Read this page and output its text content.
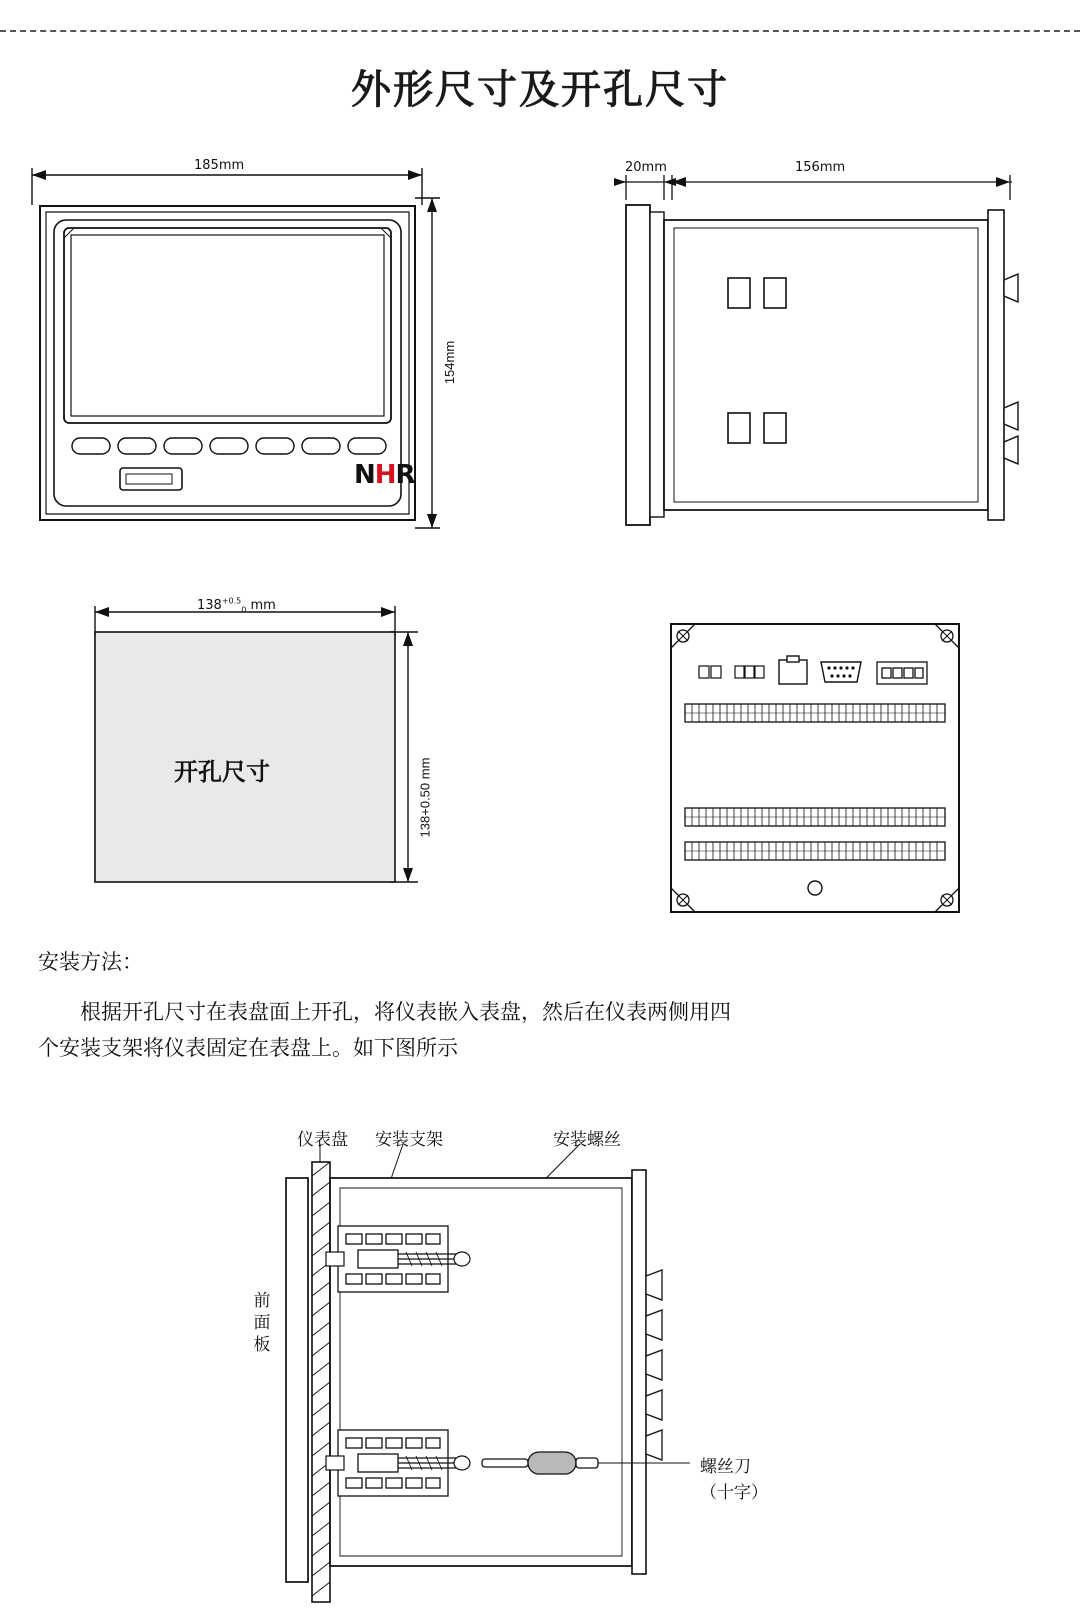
外形尺寸及开孔尺寸
185mm
154mm
NHR
20mm	156mm
$138^{+0.5}_0$ mm
138+0.50 mm
开孔尺寸
安装方法：
　　根据开孔尺寸在表盘面上开孔，将仪表嵌入表盘，然后在仪表两侧用四
个安装支架将仪表固定在表盘上。如下图所示
仪表盘 安装支架	安装螺丝
前面板
螺丝刀
（十字）
